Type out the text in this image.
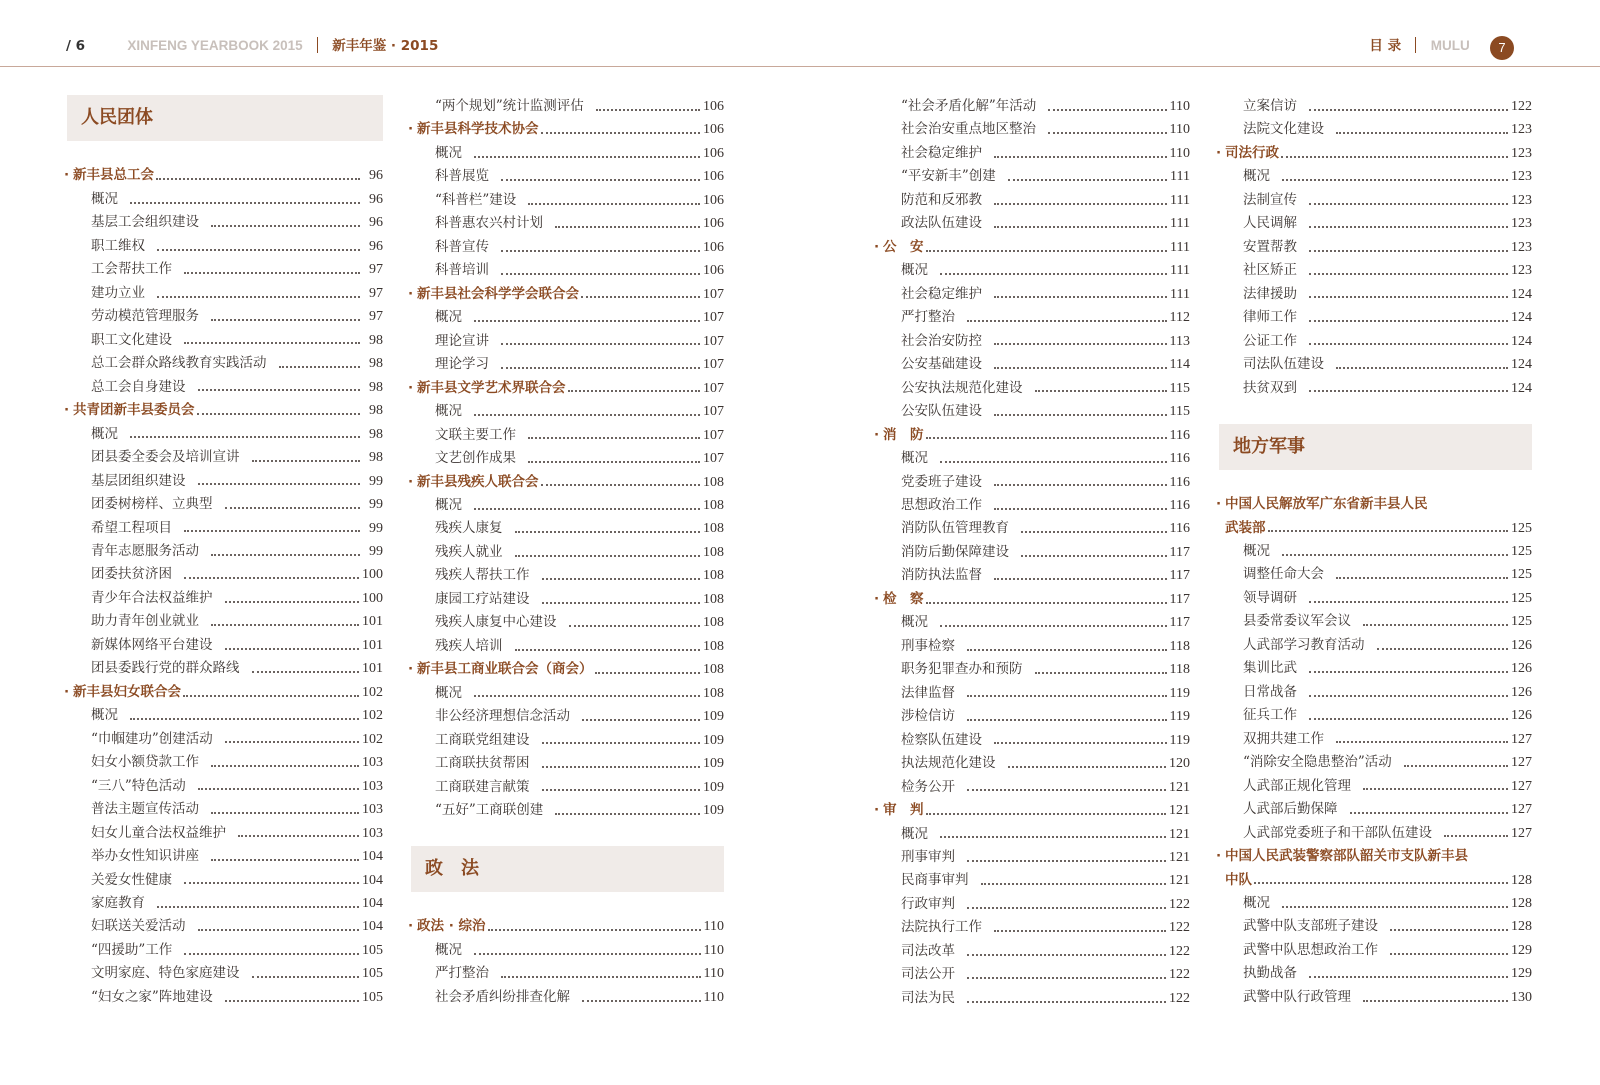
/ 6	XINFENG YEARBOOK 2015 新丰年鉴 · 2015	目 录 MULU 7
人民团体
· 新丰县总工会	96
概况	96
基层工会组织建设	96
职工维权	96
工会帮扶工作	97
建功立业	97
劳动模范管理服务	97
职工文化建设	98
总工会群众路线教育实践活动	98
总工会自身建设	98
· 共青团新丰县委员会	98
概况	98
团县委全委会及培训宣讲	98
基层团组织建设	99
团委树榜样、立典型	99
希望工程项目	99
青年志愿服务活动	99
团委扶贫济困	100
青少年合法权益维护	100
助力青年创业就业	101
新媒体网络平台建设	101
团县委践行党的群众路线	101
· 新丰县妇女联合会	102
概况	102
“巾帼建功”创建活动	102
妇女小额贷款工作	103
“三八”特色活动	103
普法主题宣传活动	103
妇女儿童合法权益维护	103
举办女性知识讲座	104
关爱女性健康	104
家庭教育	104
妇联送关爱活动	104
“四援助”工作	105
文明家庭、特色家庭建设	105
“妇女之家”阵地建设	105
“两个规划”统计监测评估	106
· 新丰县科学技术协会	106
概况	106
科普展览	106
“科普栏”建设	106
科普惠农兴村计划	106
科普宣传	106
科普培训	106
· 新丰县社会科学学会联合会	107
概况	107
理论宣讲	107
理论学习	107
· 新丰县文学艺术界联合会	107
概况	107
文联主要工作	107
文艺创作成果	107
· 新丰县残疾人联合会	108
概况	108
残疾人康复	108
残疾人就业	108
残疾人帮扶工作	108
康园工疗站建设	108
残疾人康复中心建设	108
残疾人培训	108
· 新丰县工商业联合会（商会）	108
概况	108
非公经济理想信念活动	109
工商联党组建设	109
工商联扶贫帮困	109
工商联建言献策	109
“五好”工商联创建	109
政　法
· 政法 · 综治	110
概况	110
严打整治	110
社会矛盾纠纷排查化解	110
“社会矛盾化解”年活动	110
社会治安重点地区整治	110
社会稳定维护	110
“平安新丰”创建	111
防范和反邪教	111
政法队伍建设	111
· 公　安	111
概况	111
社会稳定维护	111
严打整治	112
社会治安防控	113
公安基础建设	114
公安执法规范化建设	115
公安队伍建设	115
· 消　防	116
概况	116
党委班子建设	116
思想政治工作	116
消防队伍管理教育	116
消防后勤保障建设	117
消防执法监督	117
· 检　察	117
概况	117
刑事检察	118
职务犯罪查办和预防	118
法律监督	119
涉检信访	119
检察队伍建设	119
执法规范化建设	120
检务公开	121
· 审　判	121
概况	121
刑事审判	121
民商事审判	121
行政审判	122
法院执行工作	122
司法改革	122
司法公开	122
司法为民	122
立案信访	122
法院文化建设	123
· 司法行政	123
概况	123
法制宣传	123
人民调解	123
安置帮教	123
社区矫正	123
法律援助	124
律师工作	124
公证工作	124
司法队伍建设	124
扶贫双到	124
地方军事
· 中国人民解放军广东省新丰县人民
武装部	125
概况	125
调整任命大会	125
领导调研	125
县委常委议军会议	125
人武部学习教育活动	126
集训比武	126
日常战备	126
征兵工作	126
双拥共建工作	127
“消除安全隐患整治”活动	127
人武部正规化管理	127
人武部后勤保障	127
人武部党委班子和干部队伍建设	127
· 中国人民武装警察部队韶关市支队新丰县
中队	128
概况	128
武警中队支部班子建设	128
武警中队思想政治工作	129
执勤战备	129
武警中队行政管理	130
